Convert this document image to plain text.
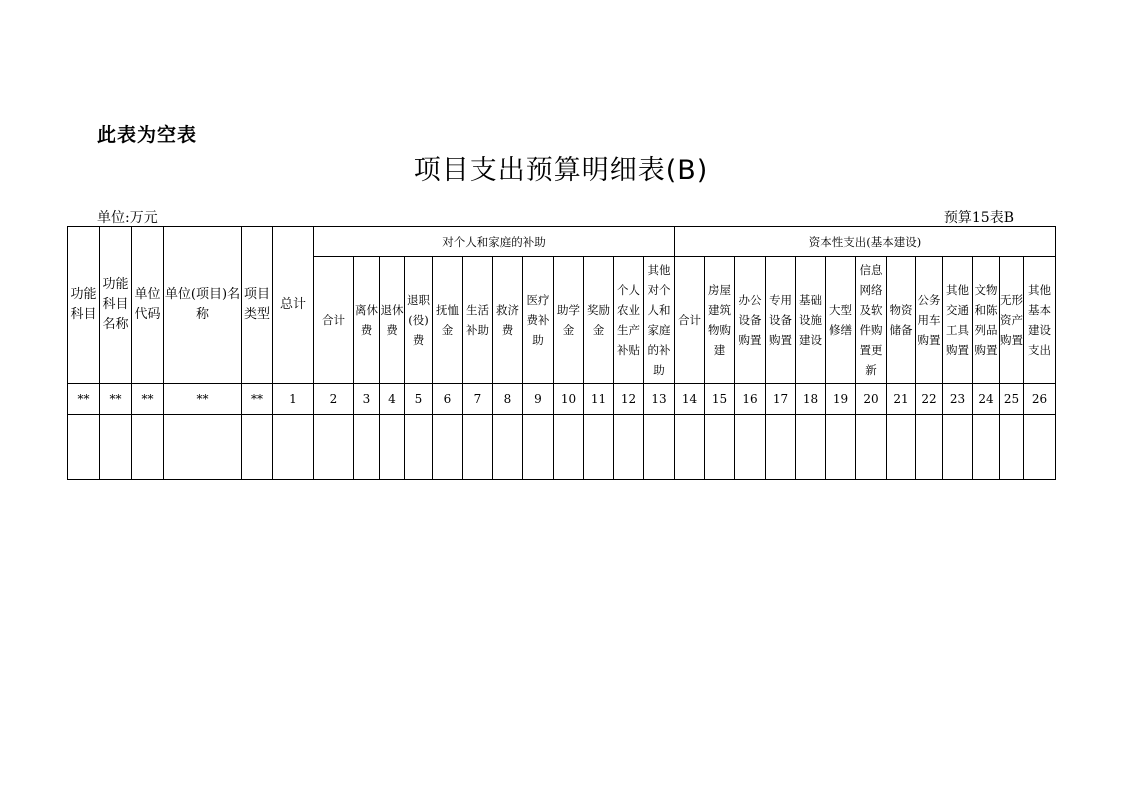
此表为空表
项目支出预算明细表(B)
单位:万元	预算15表B
功能科目	功能科目名称	单位代码	单位(项目)名称	项目类型	总计	对个人和家庭的补助												资本性支出(基本建设)												
						合计	离休费	退休费	退职(役)费	抚恤金	生活补助	救济费	医疗费补助	助学金	奖励金	个人农业生产补贴	其他对个人和家庭的补助	合计	房屋建筑物购建	办公设备购置	专用设备购置	基础设施建设	大型修缮	信息网络及软件购置更新	物资储备	公务用车购置	其他交通工具购置	文物和陈列品购置	无形资产购置	其他基本建设支出
**	**	**	**	**	1	2	3	4	5	6	7	8	9	10	11	12	13	14	15	16	17	18	19	20	21	22	23	24	25	26
